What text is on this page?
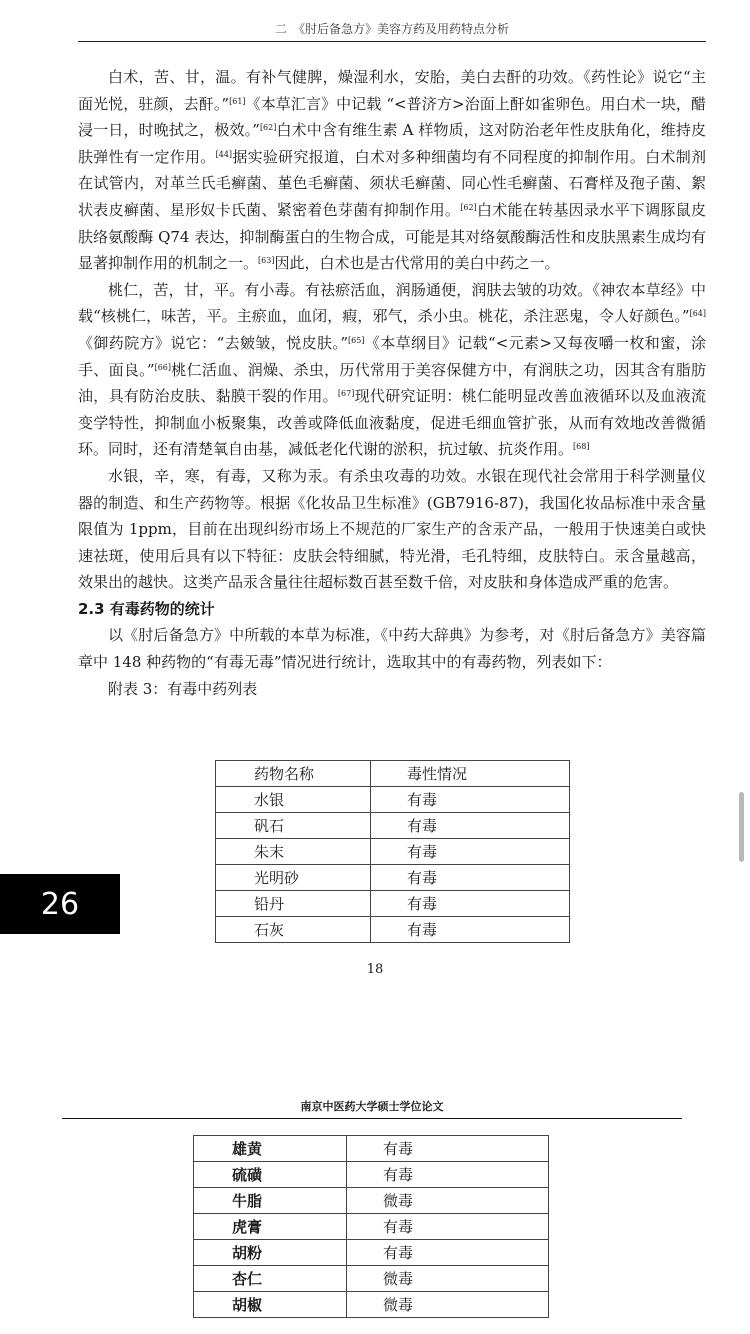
二　《肘后备急方》美容方药及用药特点分析

白术，苦、甘，温。有补气健脾，燥湿利水，安胎，美白去酐的功效。《药性论》说它“主面光悦，驻颜，去酐。”[61]《本草汇言》中记载 “<普济方>治面上酐如雀卵色。用白术一块，醋浸一日，时晚拭之，极效。”[62]白术中含有维生素 A 样物质，这对防治老年性皮肤角化，维持皮肤弹性有一定作用。[44]据实验研究报道，白术对多种细菌均有不同程度的抑制作用。白术制剂在试管内，对革兰氏毛癣菌、堇色毛癣菌、须状毛癣菌、同心性毛癣菌、石膏样及孢子菌、絮状表皮癣菌、星形奴卡氏菌、紧密着色芽菌有抑制作用。[62]白术能在转基因录水平下调豚鼠皮肤络氨酸酶 Q74 表达，抑制酶蛋白的生物合成，可能是其对络氨酸酶活性和皮肤黑素生成均有显著抑制作用的机制之一。[63]因此，白术也是古代常用的美白中药之一。

桃仁，苦，甘，平。有小毒。有祛瘀活血，润肠通便，润肤去皱的功效。《神农本草经》中载“核桃仁，味苦，平。主瘀血，血闭，瘕，邪气，杀小虫。桃花，杀注恶鬼，令人好颜色。”[64]《御药院方》说它：“去皴皱，悦皮肤。”[65]《本草纲目》记载“<元素>又每夜嚼一枚和蜜，涂手、面良。”[66]桃仁活血、润燥、杀虫，历代常用于美容保健方中，有润肤之功，因其含有脂肪油，具有防治皮肤、黏膜干裂的作用。[67]现代研究证明：桃仁能明显改善血液循环以及血液流变学特性，抑制血小板聚集，改善或降低血液黏度，促进毛细血管扩张，从而有效地改善微循环。同时，还有清楚氧自由基，减低老化代谢的淤积，抗过敏、抗炎作用。[68]

水银，辛，寒，有毒，又称为汞。有杀虫攻毒的功效。水银在现代社会常用于科学测量仪器的制造、和生产药物等。根据《化妆品卫生标准》(GB7916-87)，我国化妆品标准中汞含量限值为 1ppm，目前在出现纠纷市场上不规范的厂家生产的含汞产品，一般用于快速美白或快速祛斑，使用后具有以下特征：皮肤会特细腻，特光滑，毛孔特细，皮肤特白。汞含量越高，效果出的越快。这类产品汞含量往往超标数百甚至数千倍，对皮肤和身体造成严重的危害。

2.3 有毒药物的统计

以《肘后备急方》中所载的本草为标准，《中药大辞典》为参考，对《肘后备急方》美容篇章中 148 种药物的“有毒无毒”情况进行统计，选取其中的有毒药物，列表如下：

附表 3：有毒中药列表

药物名称	毒性情况
水银	有毒
矾石	有毒
朱末	有毒
光明砂	有毒
铅丹	有毒
石灰	有毒
18
26
南京中医药大学硕士学位论文
雄黄	有毒
硫磺	有毒
牛脂	微毒
虎膏	有毒
胡粉	有毒
杏仁	微毒
胡椒	微毒
